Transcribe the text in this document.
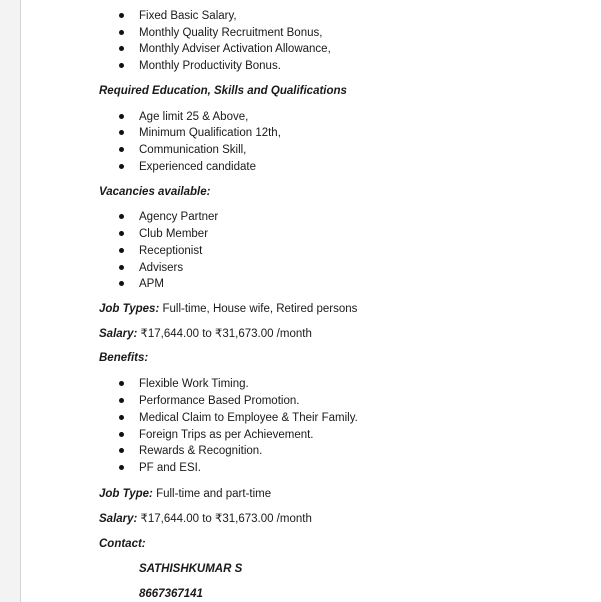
Fixed Basic Salary,
Monthly Quality Recruitment Bonus,
Monthly Adviser Activation Allowance,
Monthly Productivity Bonus.
Required Education, Skills and Qualifications
Age limit 25 & Above,
Minimum Qualification 12th,
Communication Skill,
Experienced candidate
Vacancies available:
Agency Partner
Club Member
Receptionist
Advisers
APM
Job Types: Full-time, House wife, Retired persons
Salary: ₹17,644.00 to ₹31,673.00 /month
Benefits:
Flexible Work Timing.
Performance Based Promotion.
Medical Claim to Employee & Their Family.
Foreign Trips as per Achievement.
Rewards & Recognition.
PF and ESI.
Job Type: Full-time and part-time
Salary: ₹17,644.00 to ₹31,673.00 /month
Contact:
SATHISHKUMAR S
8667367141
